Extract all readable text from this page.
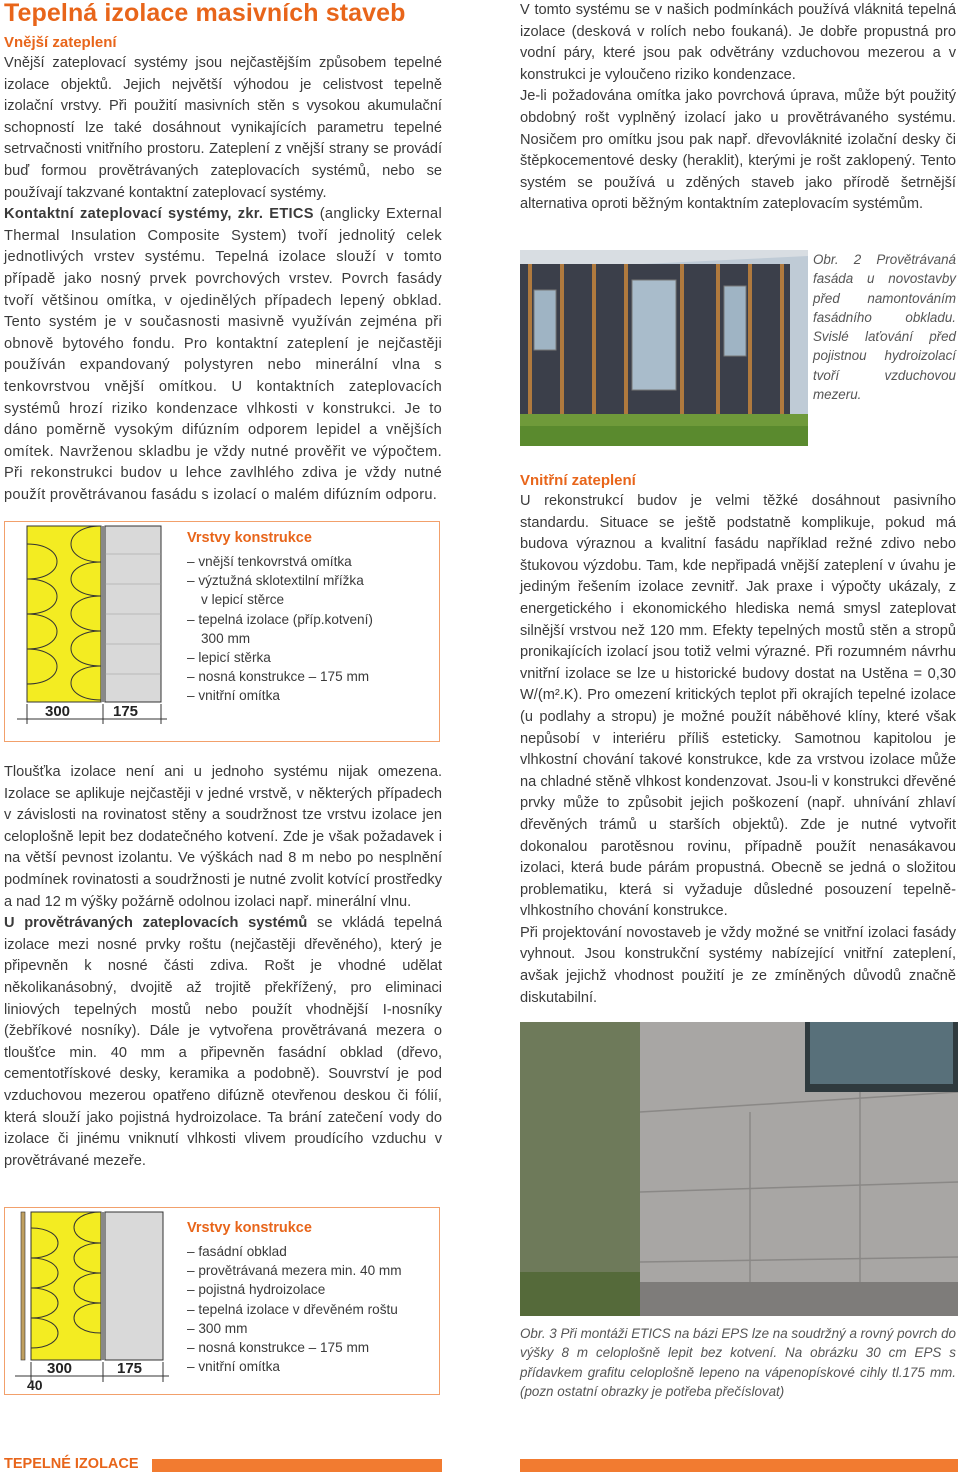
Tepelná izolace masivních staveb
Vnější zateplení

Vnější zateplovací systémy jsou nejčastějším způsobem tepelné izolace objektů. Jejich největší výhodou je celistvost tepelně izolační vrstvy. Při použití masivních stěn s vysokou akumulační schopností lze také dosáhnout vynikajících parametru tepelné setrvačnosti vnitřního prostoru. Zateplení z vnější strany se provádí buď formou provětrávaných zateplovacích systémů, nebo se používají takzvané kontaktní zateplovací systémy.

Kontaktní zateplovací systémy, zkr. ETICS (anglicky External Thermal Insulation Composite System) tvoří jednolitý celek jednotlivých vrstev systému. Tepelná izolace slouží v tomto případě jako nosný prvek povrchových vrstev. Povrch fasády tvoří většinou omítka, v ojedinělých případech lepený obklad. Tento systém je v současnosti masivně využíván zejména při obnově bytového fondu. Pro kontaktní zateplení je nejčastěji používán expandovaný polystyren nebo minerální vlna s tenkovrstvou vnější omítkou. U kontaktních zateplovacích systémů hrozí riziko kondenzace vlhkosti v konstrukci. Je to dáno poměrně vysokým difúzním odporem lepidel a vnějších omítek. Navrženou skladbu je vždy nutné prověřit ve výpočtem. Při rekonstrukci budov u lehce zavlhlého zdiva je vždy nutné použít provětrávanou fasádu s izolací o malém difúzním odporu.

300	175
Vrstvy konstrukce
– vnější tenkovrstvá omítka
– výztužná sklotextilní mřížka
v lepicí stěrce
– tepelná izolace (příp.kotvení)
300 mm
– lepicí stěrka
– nosná konstrukce – 175 mm
– vnitřní omítka

Tloušťka izolace není ani u jednoho systému nijak omezena. Izolace se aplikuje nejčastěji v jedné vrstvě, v některých případech v závislosti na rovinatost stěny a soudržnost tze vrstvu izolace jen celoplošně lepit bez dodatečného kotvení. Zde je však požadavek i na větší pevnost izolantu. Ve výškách nad 8 m nebo po nesplnění podmínek rovinatosti a soudržnosti je nutné zvolit kotvící prostředky a nad 12 m výšky požárně odolnou izolaci např. minerální vlnu.

U provětrávaných zateplovacích systémů se vkládá tepelná izolace mezi nosné prvky roštu (nejčastěji dřevěného), který je připevněn k nosné části zdiva. Rošt je vhodné udělat několikanásobný, dvojitě až trojitě překřížený, pro eliminaci liniových tepelných mostů nebo použít vhodnější I-nosníky (žebříkové nosníky). Dále je vytvořena provětrávaná mezera o tloušťce min. 40 mm a připevněn fasádní obklad (dřevo, cementotřískové desky, keramika a podobně). Souvrství je pod vzduchovou mezerou opatřeno difúzně otevřenou deskou či fólií, která slouží jako pojistná hydroizolace. Ta brání zatečení vody do izolace či jinému vniknutí vlhkosti vlivem proudícího vzduchu v provětrávané mezeře.

300	175
40
Vrstvy konstrukce
– fasádní obklad
– provětrávaná mezera min. 40 mm
– pojistná hydroizolace
– tepelná izolace v dřevěném roštu
– 300 mm
– nosná konstrukce – 175 mm
– vnitřní omítka

V tomto systému se v našich podmínkách používá vláknitá tepelná izolace (desková v rolích nebo foukaná). Je dobře propustná pro vodní páry, které jsou pak odvětrány vzduchovou mezerou a v konstrukci je vyloučeno riziko kondenzace.

Je-li požadována omítka jako povrchová úprava, může být použitý obdobný rošt vyplněný izolací jako u provětrávaného systému. Nosičem pro omítku jsou pak např. dřevovláknité izolační desky či štěpkocementové desky (heraklit), kterými je rošt zaklopený. Tento systém se používá u zděných staveb jako přírodě šetrnější alternativa oproti běžným kontaktním zateplovacím systémům.

Obr. 2 Provětrávaná fasáda u novostavby před namontováním fasádního obkladu. Svislé laťování před pojistnou hydroizolací tvoří vzduchovou mezeru.
Vnitřní zateplení

U rekonstrukcí budov je velmi těžké dosáhnout pasivního standardu. Situace se ještě podstatně komplikuje, pokud má budova výraznou a kvalitní fasádu například režné zdivo nebo štukovou výzdobu. Tam, kde nepřipadá vnější zateplení v úvahu je jediným řešením izolace zevnitř. Jak praxe i výpočty ukázaly, z energetického i ekonomického hlediska nemá smysl zateplovat silnější vrstvou než 120 mm. Efekty tepelných mostů stěn a stropů pronikajících izolací jsou totiž velmi výrazné. Při rozumném návrhu vnitřní izolace se lze u historické budovy dostat na Ustěna = 0,30 W/(m².K). Pro omezení kritických teplot při okrajích tepelné izolace (u podlahy a stropu) je možné použít náběhové klíny, které však nepůsobí v interiéru příliš esteticky. Samotnou kapitolou je vlhkostní chování takové konstrukce, kde za vrstvou izolace může na chladné stěně vlhkost kondenzovat. Jsou-li v konstrukci dřevěné prvky může to způsobit jejich poškození (např. uhnívání zhlaví dřevěných trámů u starších objektů). Zde je nutné vytvořit dokonalou parotěsnou rovinu, případně použít nenasákavou izolaci, která bude párám propustná. Obecně se jedná o složitou problematiku, která si vyžaduje důsledné posouzení tepelně-vlhkostního chování konstrukce.

Při projektování novostaveb je vždy možné se vnitřní izolaci fasády vyhnout. Jsou konstrukční systémy nabízející vnitřní zateplení, avšak jejichž vhodnost použití je ze zmíněných důvodů značně diskutabilní.

Obr. 3 Při montáži ETICS na bázi EPS lze na soudržný a rovný povrch do výšky 8 m celoplošně lepit bez kotvení. Na obrázku 30 cm EPS s přídavkem grafitu celoplošně lepeno na vápenopískové cihly tl.175 mm. (pozn ostatní obrazky je potřeba přečíslovat)
TEPELNÉ IZOLACE
